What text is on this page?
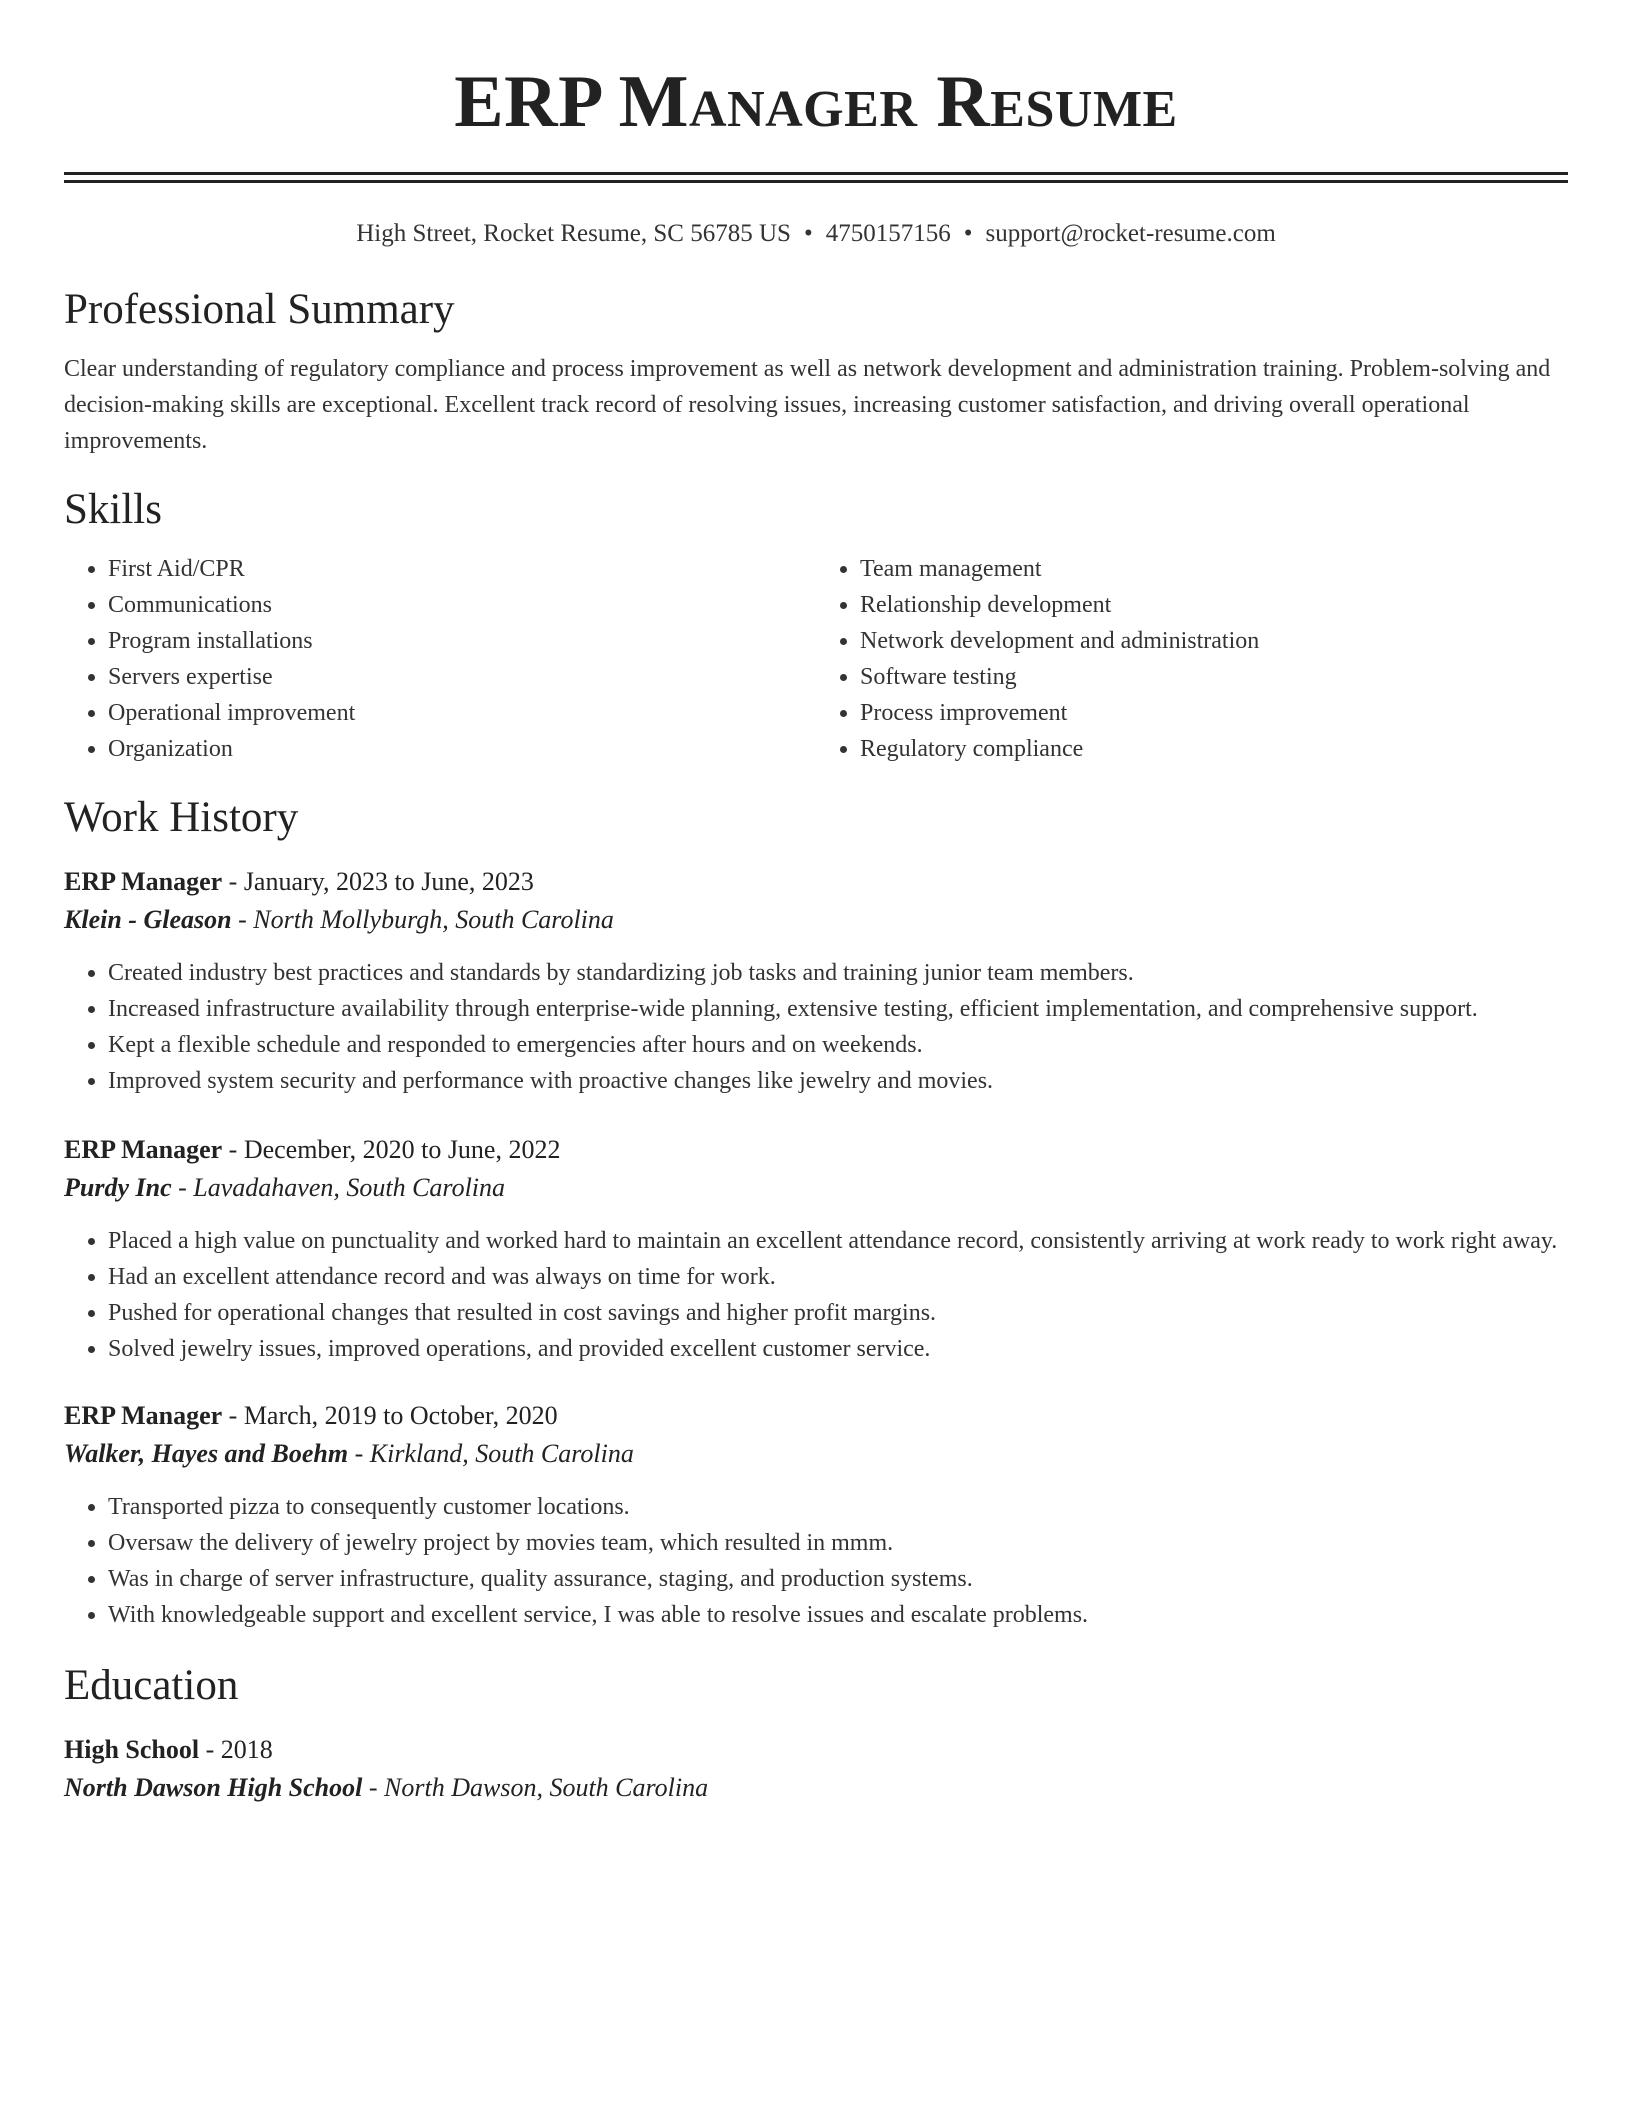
ERP Manager Resume
High Street, Rocket Resume, SC 56785 US • 4750157156 • support@rocket-resume.com
Professional Summary

Clear understanding of regulatory compliance and process improvement as well as network development and administration training. Problem-solving and decision-making skills are exceptional. Excellent track record of resolving issues, increasing customer satisfaction, and driving overall operational improvements.

Skills
• First Aid/CPR
• Communications
• Program installations
• Servers expertise
• Operational improvement
• Organization
• Team management
• Relationship development
• Network development and administration
• Software testing
• Process improvement
• Regulatory compliance
Work History
ERP Manager - January, 2023 to June, 2023
Klein - Gleason - North Mollyburgh, South Carolina
• Created industry best practices and standards by standardizing job tasks and training junior team members.
• Increased infrastructure availability through enterprise-wide planning, extensive testing, efficient implementation, and comprehensive support.
• Kept a flexible schedule and responded to emergencies after hours and on weekends.
• Improved system security and performance with proactive changes like jewelry and movies.
ERP Manager - December, 2020 to June, 2022
Purdy Inc - Lavadahaven, South Carolina
• Placed a high value on punctuality and worked hard to maintain an excellent attendance record, consistently arriving at work ready to work right away.
• Had an excellent attendance record and was always on time for work.
• Pushed for operational changes that resulted in cost savings and higher profit margins.
• Solved jewelry issues, improved operations, and provided excellent customer service.
ERP Manager - March, 2019 to October, 2020
Walker, Hayes and Boehm - Kirkland, South Carolina
• Transported pizza to consequently customer locations.
• Oversaw the delivery of jewelry project by movies team, which resulted in mmm.
• Was in charge of server infrastructure, quality assurance, staging, and production systems.
• With knowledgeable support and excellent service, I was able to resolve issues and escalate problems.
Education
High School - 2018
North Dawson High School - North Dawson, South Carolina
